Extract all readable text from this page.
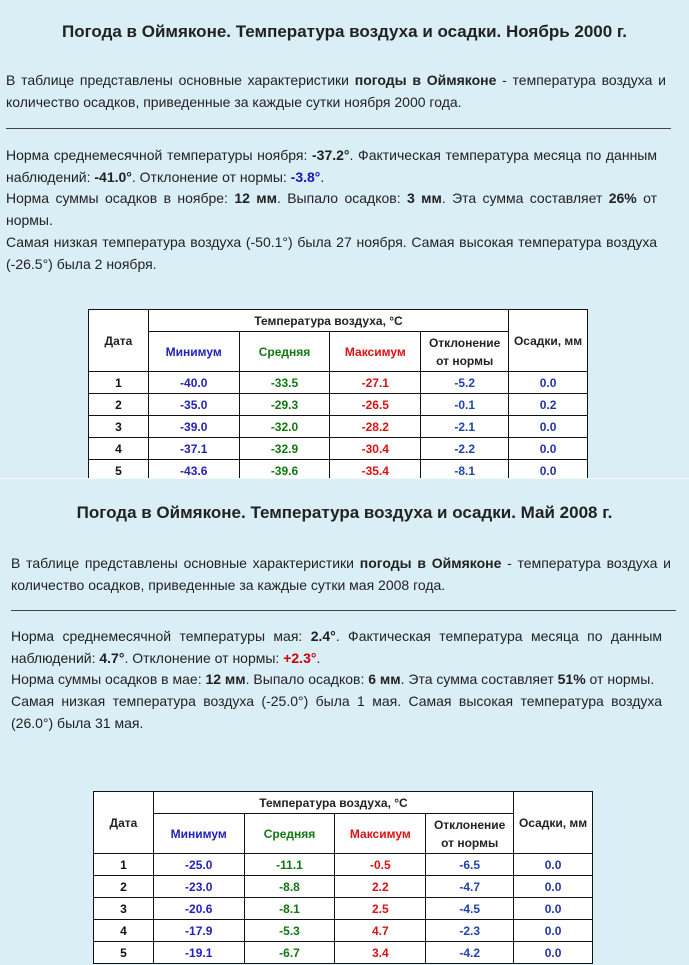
Погода в Оймяконе. Температура воздуха и осадки. Ноябрь 2000 г.
В таблице представлены основные характеристики погоды в Оймяконе - температура воздуха и количество осадков, приведенные за каждые сутки ноября 2000 года.
Норма среднемесячной температуры ноября: -37.2°. Фактическая температура месяца по данным наблюдений: -41.0°. Отклонение от нормы: -3.8°.
Норма суммы осадков в ноябре: 12 мм. Выпало осадков: 3 мм. Эта сумма составляет 26% от нормы.
Самая низкая температура воздуха (-50.1°) была 27 ноября. Самая высокая температура воздуха (-26.5°) была 2 ноября.
Дата	Температура воздуха, °С				Осадки, мм
	Минимум	Средняя	Максимум	Отклонение
от нормы	
1	-40.0	-33.5	-27.1	-5.2	0.0
2	-35.0	-29.3	-26.5	-0.1	0.2
3	-39.0	-32.0	-28.2	-2.1	0.0
4	-37.1	-32.9	-30.4	-2.2	0.0
5	-43.6	-39.6	-35.4	-8.1	0.0
Погода в Оймяконе. Температура воздуха и осадки. Май 2008 г.
В таблице представлены основные характеристики погоды в Оймяконе - температура воздуха и количество осадков, приведенные за каждые сутки мая 2008 года.
Норма среднемесячной температуры мая: 2.4°. Фактическая температура месяца по данным наблюдений: 4.7°. Отклонение от нормы: +2.3°.
Норма суммы осадков в мае: 12 мм. Выпало осадков: 6 мм. Эта сумма составляет 51% от нормы.
Самая низкая температура воздуха (-25.0°) была 1 мая. Самая высокая температура воздуха (26.0°) была 31 мая.
Дата	Температура воздуха, °С				Осадки, мм
	Минимум	Средняя	Максимум	Отклонение
от нормы	
1	-25.0	-11.1	-0.5	-6.5	0.0
2	-23.0	-8.8	2.2	-4.7	0.0
3	-20.6	-8.1	2.5	-4.5	0.0
4	-17.9	-5.3	4.7	-2.3	0.0
5	-19.1	-6.7	3.4	-4.2	0.0
